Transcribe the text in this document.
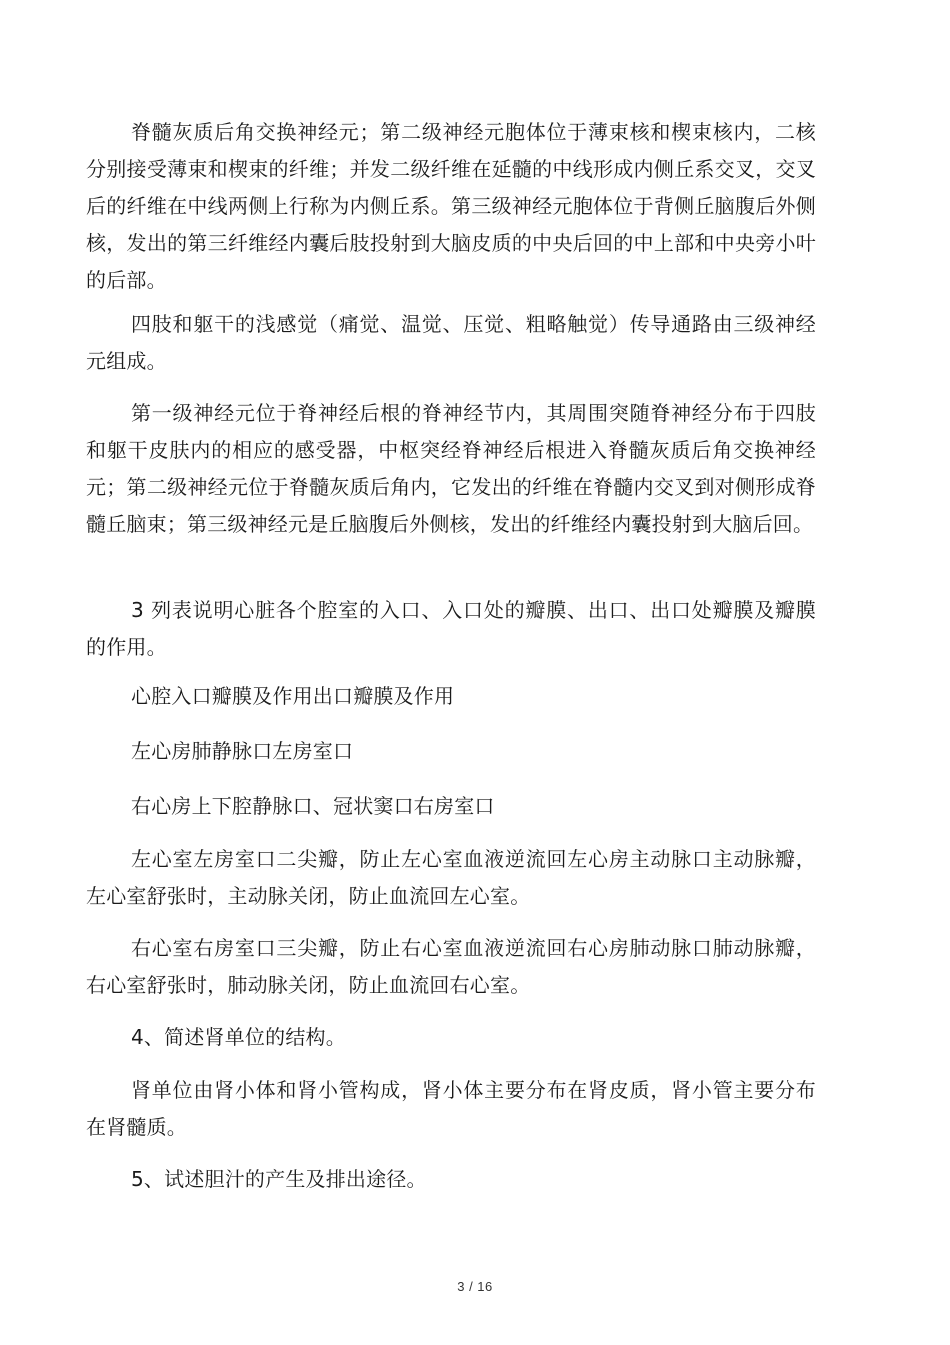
脊髓灰质后角交换神经元；第二级神经元胞体位于薄束核和楔束核内，二核分别接受薄束和楔束的纤维；并发二级纤维在延髓的中线形成内侧丘系交叉，交叉后的纤维在中线两侧上行称为内侧丘系。第三级神经元胞体位于背侧丘脑腹后外侧核，发出的第三纤维经内囊后肢投射到大脑皮质的中央后回的中上部和中央旁小叶的后部。

四肢和躯干的浅感觉（痛觉、温觉、压觉、粗略触觉）传导通路由三级神经元组成。

第一级神经元位于脊神经后根的脊神经节内，其周围突随脊神经分布于四肢和躯干皮肤内的相应的感受器，中枢突经脊神经后根进入脊髓灰质后角交换神经元；第二级神经元位于脊髓灰质后角内，它发出的纤维在脊髓内交叉到对侧形成脊髓丘脑束；第三级神经元是丘脑腹后外侧核，发出的纤维经内囊投射到大脑后回。

3 列表说明心脏各个腔室的入口、入口处的瓣膜、出口、出口处瓣膜及瓣膜的作用。

心腔入口瓣膜及作用出口瓣膜及作用

左心房肺静脉口左房室口

右心房上下腔静脉口、冠状窦口右房室口

左心室左房室口二尖瓣，防止左心室血液逆流回左心房主动脉口主动脉瓣，左心室舒张时，主动脉关闭，防止血流回左心室。

右心室右房室口三尖瓣，防止右心室血液逆流回右心房肺动脉口肺动脉瓣，右心室舒张时，肺动脉关闭，防止血流回右心室。

4、简述肾单位的结构。

肾单位由肾小体和肾小管构成，肾小体主要分布在肾皮质，肾小管主要分布在肾髓质。

5、试述胆汁的产生及排出途径。

3 / 16
